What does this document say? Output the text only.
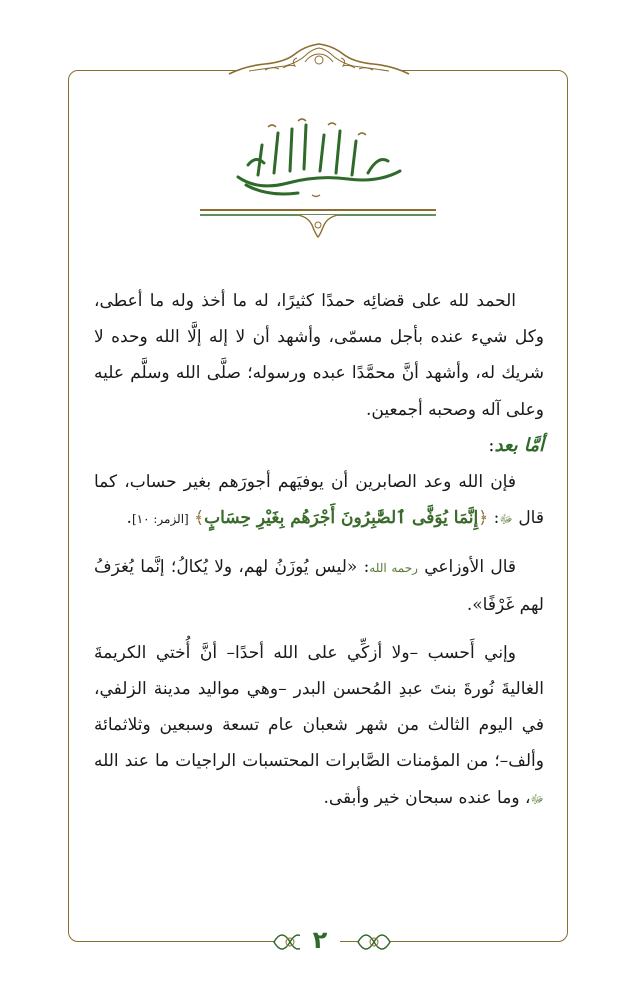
الحمد لله على قضائِه حمدًا كثيرًا، له ما أخذ وله ما أعطى، وكل شيء عنده بأجل مسمّى، وأشهد أن لا إله إلَّا الله وحده لا شريك له، وأشهد أنَّ محمَّدًا عبده ورسوله؛ صلَّى الله وسلَّم عليه وعلى آله وصحبه أجمعين.

أمَّا بعد:

فإن الله وعد الصابرين أن يوفيَهم أجورَهم بغير حساب، كما قال ﷻ: ﴿إِنَّمَا يُوَفَّى ٱلصَّٰبِرُونَ أَجْرَهُم بِغَيْرِ حِسَابٍ﴾ [الزمر: ١٠].

قال الأوزاعي رحمه الله: «ليس يُوزَنُ لهم، ولا يُكالُ؛ إنَّما يُغرَفُ لهم غَرْفًا».

وإني أَحسب –ولا أزكِّي على الله أحدًا– أنَّ أُختي الكريمةَ الغاليةَ نُورةَ بنتَ عبدِ المُحسن البدر –وهي مواليد مدينة الزلفي، في اليوم الثالث من شهر شعبان عام تسعة وسبعين وثلاثمائة وألف–؛ من المؤمنات الصَّابرات المحتسبات الراجيات ما عند الله ﷻ، وما عنده سبحان خير وأبقى.

٢
